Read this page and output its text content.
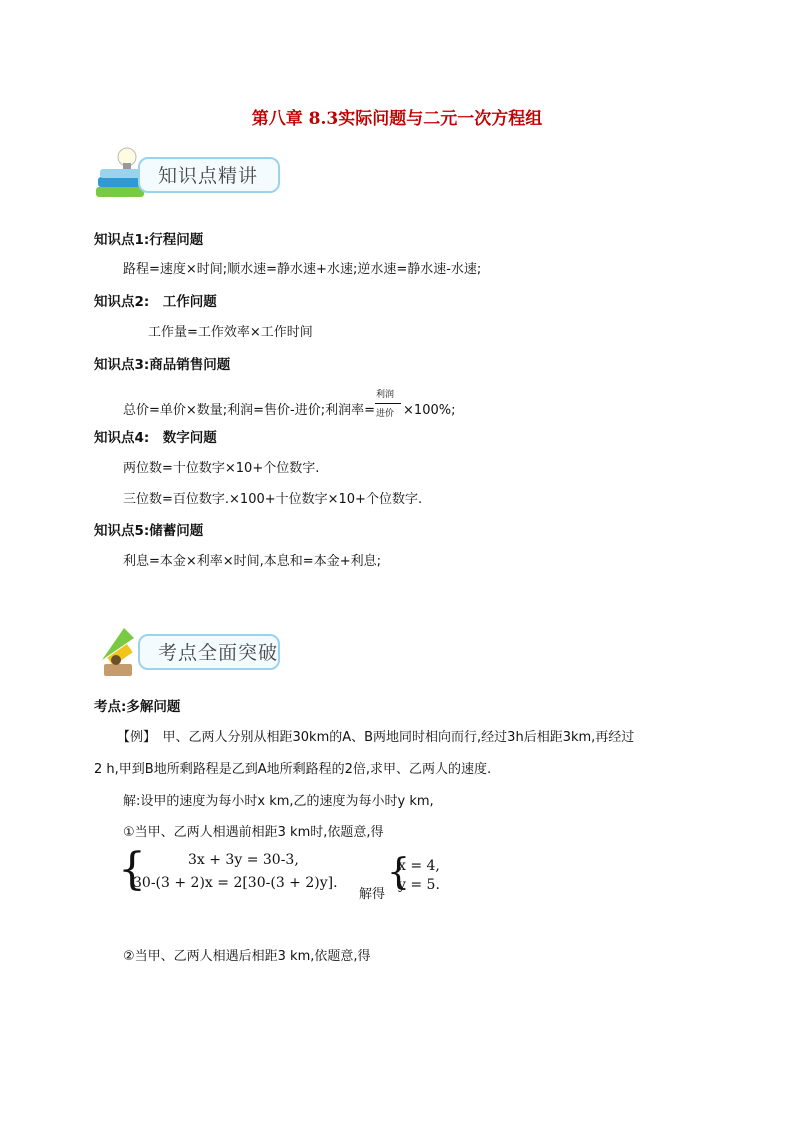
第八章 8.3实际问题与二元一次方程组
知识点精讲
知识点1:行程问题
路程=速度×时间;顺水速=静水速+水速;逆水速=静水速-水速;
知识点2:　工作问题
工作量=工作效率×工作时间
知识点3:商品销售问题
总价=单价×数量;利润=售价-进价;利润率= $\frac{\text{利润}}{\text{进价}} \times 100\%$;
知识点4:　数字问题
两位数=十位数字×10+个位数字.
三位数=百位数字.×100+十位数字×10+个位数字.
知识点5:储蓄问题
利息=本金×利率×时间,本息和=本金+利息;
考点全面突破
考点:多解问题
【例】　甲、乙两人分别从相距30km的A、B两地同时相向而行,经过3h后相距3km,再经过
2 h,甲到B地所剩路程是乙到A地所剩路程的2倍,求甲、乙两人的速度.
解:设甲的速度为每小时x km,乙的速度为每小时y km,
①当甲、乙两人相遇前相距3 km时,依题意,得
{	3x + 3y = 30-3,
30-(3 + 2)x = 2[30-(3 + 2)y].
解得
{
x = 4,
y = 5.
②当甲、乙两人相遇后相距3 km,依题意,得
